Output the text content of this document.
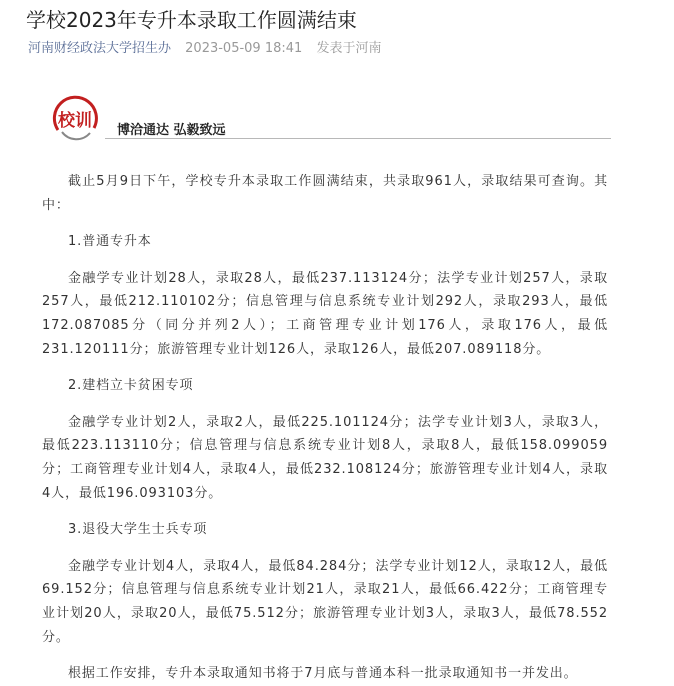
学校2023年专升本录取工作圆满结束
河南财经政法大学招生办 2023-05-09 18:41 发表于河南
校训 博洽通达 弘毅致远

截止5月9日下午，学校专升本录取工作圆满结束，共录取961人，录取结果可查询。其中：

1.普通专升本

金融学专业计划28人，录取28人，最低237.113124分；法学专业计划257人，录取257人，最低212.110102分；信息管理与信息系统专业计划292人，录取293人，最低172.087085分（同分并列2人）；工商管理专业计划176人，录取176人，最低231.120111分；旅游管理专业计划126人，录取126人，最低207.089118分。

2.建档立卡贫困专项

金融学专业计划2人，录取2人，最低225.101124分；法学专业计划3人，录取3人，最低223.113110分；信息管理与信息系统专业计划8人，录取8人，最低158.099059分；工商管理专业计划4人，录取4人，最低232.108124分；旅游管理专业计划4人，录取4人，最低196.093103分。

3.退役大学生士兵专项

金融学专业计划4人，录取4人，最低84.284分；法学专业计划12人，录取12人，最低69.152分；信息管理与信息系统专业计划21人，录取21人，最低66.422分；工商管理专业计划20人，录取20人，最低75.512分；旅游管理专业计划3人，录取3人，最低78.552分。

根据工作安排，专升本录取通知书将于7月底与普通本科一批录取通知书一并发出。
